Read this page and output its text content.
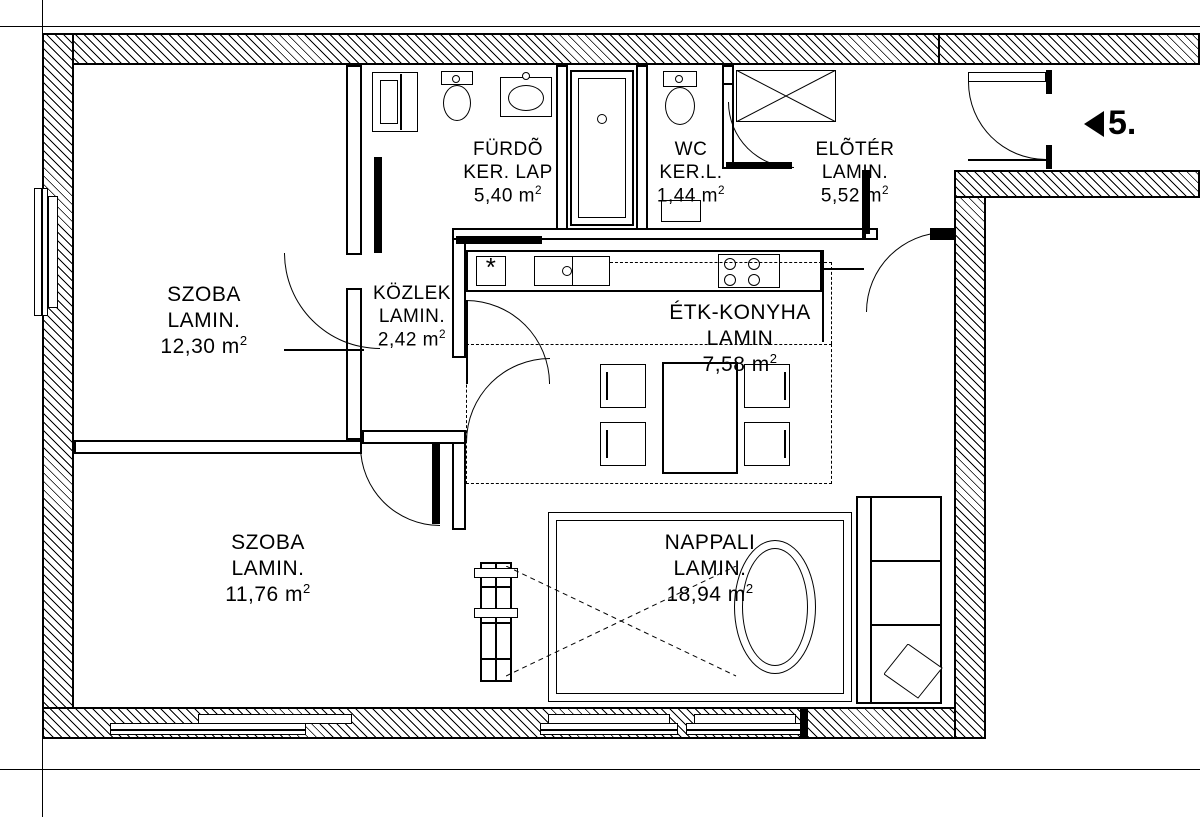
*
SZOBA
LAMIN.
12,30 $m^2$
SZOBA
LAMIN.
11,76 $m^2$
KÖZLEK
LAMIN.
2,42 $m^2$
FÜRDÕ
KER. LAP
5,40 $m^2$
WC
KER.L.
1,44 $m^2$
ELÕTÉR
LAMIN.
5,52 $m^2$
ÉTK-KONYHA
LAMIN
7,58 $m^2$
NAPPALI
LAMIN.
18,94 $m^2$
5.
